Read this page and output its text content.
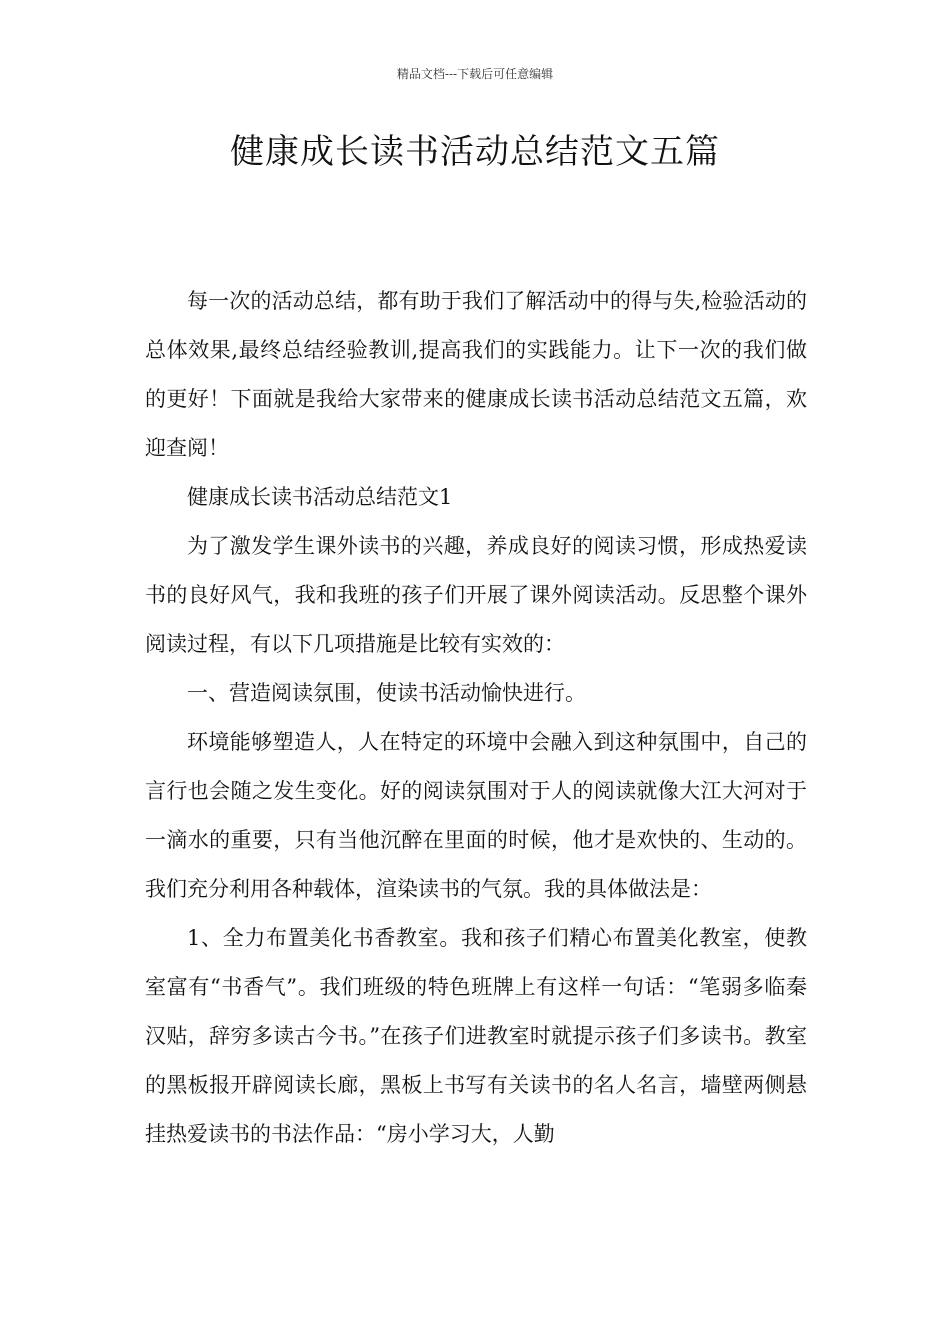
精品文档---下载后可任意编辑
健康成长读书活动总结范文五篇

每一次的活动总结，都有助于我们了解活动中的得与失,检验活动的总体效果,最终总结经验教训,提高我们的实践能力。让下一次的我们做的更好！下面就是我给大家带来的健康成长读书活动总结范文五篇，欢迎查阅！

健康成长读书活动总结范文1

为了激发学生课外读书的兴趣，养成良好的阅读习惯，形成热爱读书的良好风气，我和我班的孩子们开展了课外阅读活动。反思整个课外阅读过程，有以下几项措施是比较有实效的：

一、营造阅读氛围，使读书活动愉快进行。

环境能够塑造人，人在特定的环境中会融入到这种氛围中，自己的言行也会随之发生变化。好的阅读氛围对于人的阅读就像大江大河对于一滴水的重要，只有当他沉醉在里面的时候，他才是欢快的、生动的。我们充分利用各种载体，渲染读书的气氛。我的具体做法是：

1、全力布置美化书香教室。我和孩子们精心布置美化教室，使教室富有“书香气”。我们班级的特色班牌上有这样一句话：“笔弱多临秦汉贴，辞穷多读古今书。”在孩子们进教室时就提示孩子们多读书。教室的黑板报开辟阅读长廊，黑板上书写有关读书的名人名言，墙壁两侧悬挂热爱读书的书法作品：“房小学习大，人勤
